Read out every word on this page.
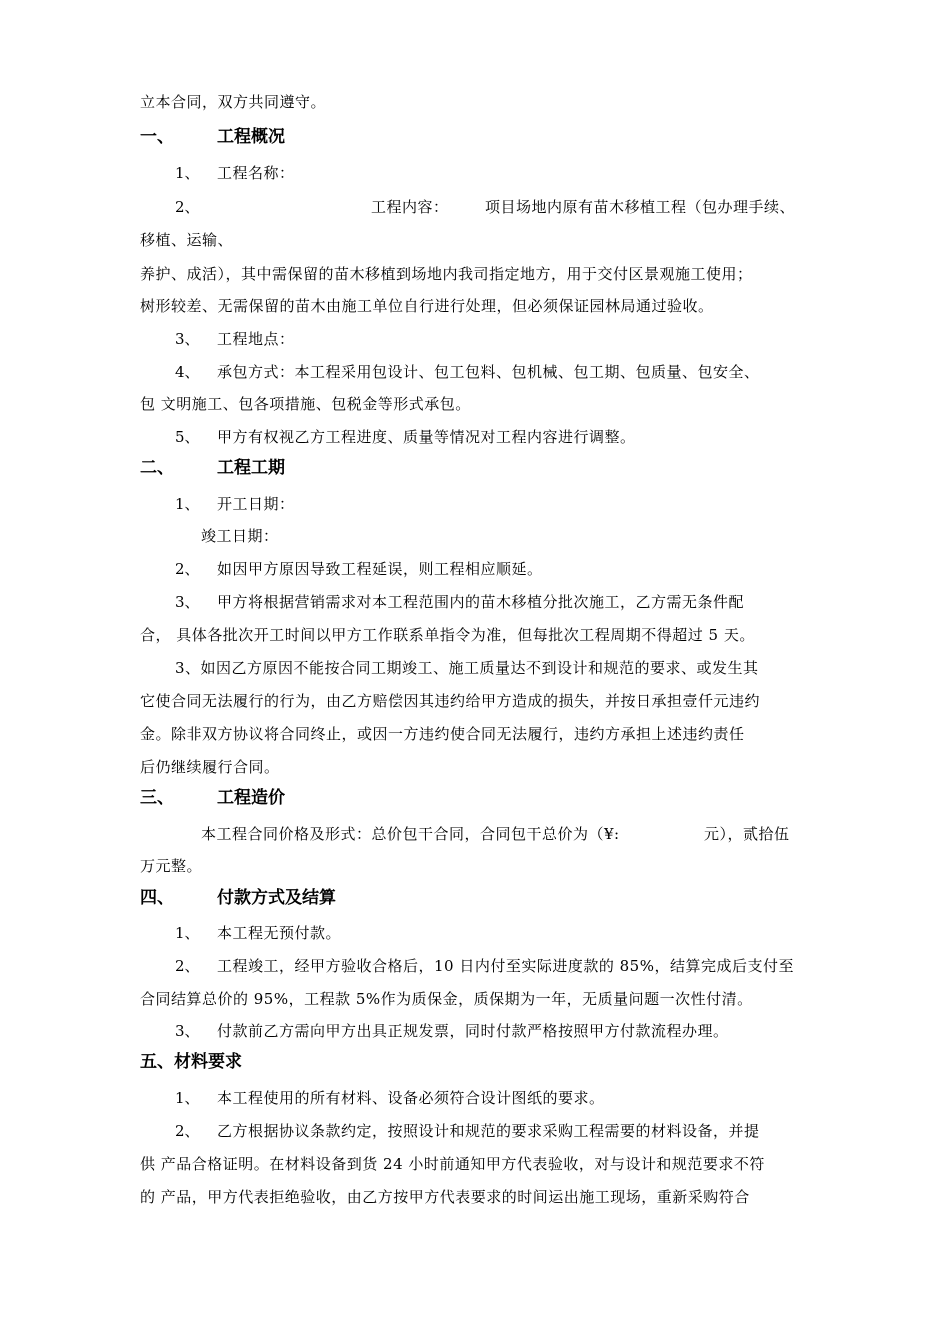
立本合同，双方共同遵守。
一、	工程概况
1、 工程名称：
2、	工程内容： 项目场地内原有苗木移植工程（包办理手续、
移植、运输、
养护、成活），其中需保留的苗木移植到场地内我司指定地方，用于交付区景观施工使用；
树形较差、无需保留的苗木由施工单位自行进行处理，但必须保证园林局通过验收。
3、 工程地点：
4、 承包方式：本工程采用包设计、包工包料、包机械、包工期、包质量、包安全、
包 文明施工、包各项措施、包税金等形式承包。
5、 甲方有权视乙方工程进度、质量等情况对工程内容进行调整。
二、	工程工期
1、 开工日期：
竣工日期：
2、 如因甲方原因导致工程延误，则工程相应顺延。
3、 甲方将根据营销需求对本工程范围内的苗木移植分批次施工，乙方需无条件配
合， 具体各批次开工时间以甲方工作联系单指令为准，但每批次工程周期不得超过 5 天。
3、如因乙方原因不能按合同工期竣工、施工质量达不到设计和规范的要求、或发生其
它使合同无法履行的行为，由乙方赔偿因其违约给甲方造成的损失，并按日承担壹仟元违约
金。除非双方协议将合同终止，或因一方违约使合同无法履行，违约方承担上述违约责任
后仍继续履行合同。
三、	工程造价
本工程合同价格及形式：总价包干合同，合同包干总价为（¥:	元），贰拾伍
万元整。
四、	付款方式及结算
1、 本工程无预付款。
2、 工程竣工，经甲方验收合格后，10 日内付至实际进度款的 85%，结算完成后支付至
合同结算总价的 95%，工程款 5%作为质保金，质保期为一年，无质量问题一次性付清。
3、 付款前乙方需向甲方出具正规发票，同时付款严格按照甲方付款流程办理。
五、材料要求
1、 本工程使用的所有材料、设备必须符合设计图纸的要求。
2、 乙方根据协议条款约定，按照设计和规范的要求采购工程需要的材料设备，并提
供 产品合格证明。在材料设备到货 24 小时前通知甲方代表验收，对与设计和规范要求不符
的 产品，甲方代表拒绝验收，由乙方按甲方代表要求的时间运出施工现场，重新采购符合
